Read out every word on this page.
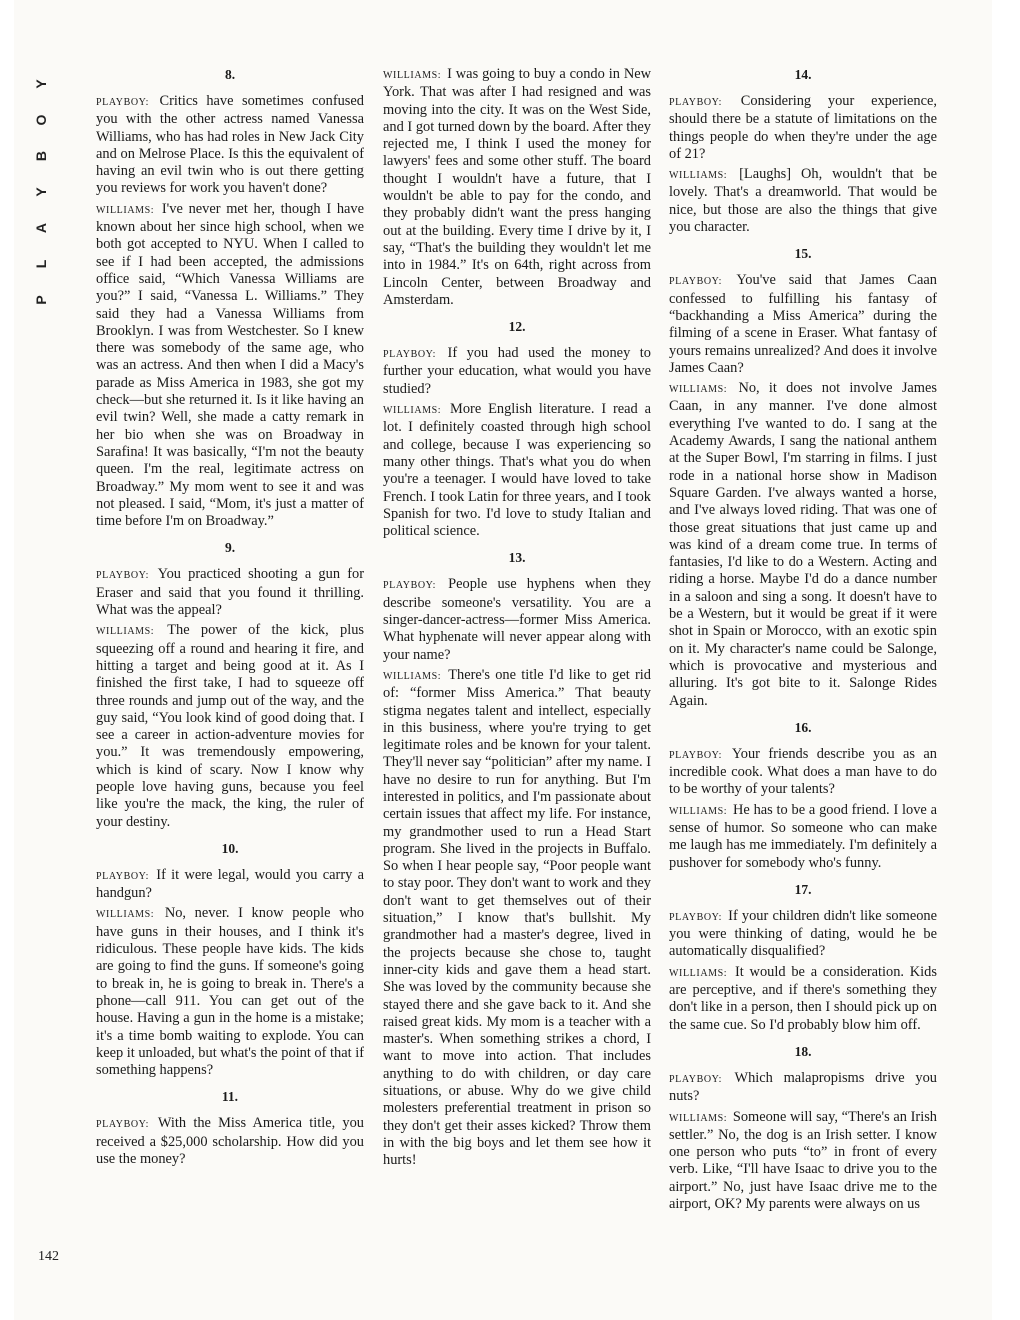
Y
O
B
Y
A
L
P
142
8.

PLAYBOY: Critics have sometimes confused you with the other actress named Vanessa Williams, who has had roles in New Jack City and on Melrose Place. Is this the equivalent of having an evil twin who is out there getting you reviews for work you haven't done?

WILLIAMS: I've never met her, though I have known about her since high school, when we both got accepted to NYU. When I called to see if I had been accepted, the admissions office said, “Which Vanessa Williams are you?” I said, “Vanessa L. Williams.” They said they had a Vanessa Williams from Brooklyn. I was from Westchester. So I knew there was somebody of the same age, who was an actress. And then when I did a Macy's parade as Miss America in 1983, she got my check—but she returned it. Is it like having an evil twin? Well, she made a catty remark in her bio when she was on Broadway in Sarafina! It was basically, “I'm not the beauty queen. I'm the real, legitimate actress on Broadway.” My mom went to see it and was not pleased. I said, “Mom, it's just a matter of time before I'm on Broadway.”

9.

PLAYBOY: You practiced shooting a gun for Eraser and said that you found it thrilling. What was the appeal?

WILLIAMS: The power of the kick, plus squeezing off a round and hearing it fire, and hitting a target and being good at it. As I finished the first take, I had to squeeze off three rounds and jump out of the way, and the guy said, “You look kind of good doing that. I see a career in action-adventure movies for you.” It was tremendously empowering, which is kind of scary. Now I know why people love having guns, because you feel like you're the mack, the king, the ruler of your destiny.

10.

PLAYBOY: If it were legal, would you carry a handgun?

WILLIAMS: No, never. I know people who have guns in their houses, and I think it's ridiculous. These people have kids. The kids are going to find the guns. If someone's going to break in, he is going to break in. There's a phone—call 911. You can get out of the house. Having a gun in the home is a mistake; it's a time bomb waiting to explode. You can keep it unloaded, but what's the point of that if something happens?

11.

PLAYBOY: With the Miss America title, you received a $25,000 scholarship. How did you use the money?

WILLIAMS: I was going to buy a condo in New York. That was after I had resigned and was moving into the city. It was on the West Side, and I got turned down by the board. After they rejected me, I think I used the money for lawyers' fees and some other stuff. The board thought I wouldn't have a future, that I wouldn't be able to pay for the condo, and they probably didn't want the press hanging out at the building. Every time I drive by it, I say, “That's the building they wouldn't let me into in 1984.” It's on 64th, right across from Lincoln Center, between Broadway and Amsterdam.

12.

PLAYBOY: If you had used the money to further your education, what would you have studied?

WILLIAMS: More English literature. I read a lot. I definitely coasted through high school and college, because I was experiencing so many other things. That's what you do when you're a teenager. I would have loved to take French. I took Latin for three years, and I took Spanish for two. I'd love to study Italian and political science.

13.

PLAYBOY: People use hyphens when they describe someone's versatility. You are a singer-dancer-actress—former Miss America. What hyphenate will never appear along with your name?

WILLIAMS: There's one title I'd like to get rid of: “former Miss America.” That beauty stigma negates talent and intellect, especially in this business, where you're trying to get legitimate roles and be known for your talent. They'll never say “politician” after my name. I have no desire to run for anything. But I'm interested in politics, and I'm passionate about certain issues that affect my life. For instance, my grandmother used to run a Head Start program. She lived in the projects in Buffalo. So when I hear people say, “Poor people want to stay poor. They don't want to work and they don't want to get themselves out of their situation,” I know that's bullshit. My grandmother had a master's degree, lived in the projects because she chose to, taught inner-city kids and gave them a head start. She was loved by the community because she stayed there and she gave back to it. And she raised great kids. My mom is a teacher with a master's. When something strikes a chord, I want to move into action. That includes anything to do with children, or day care situations, or abuse. Why do we give child molesters preferential treatment in prison so they don't get their asses kicked? Throw them in with the big boys and let them see how it hurts!

14.

PLAYBOY: Considering your experience, should there be a statute of limitations on the things people do when they're under the age of 21?

WILLIAMS: [Laughs] Oh, wouldn't that be lovely. That's a dreamworld. That would be nice, but those are also the things that give you character.

15.

PLAYBOY: You've said that James Caan confessed to fulfilling his fantasy of “backhanding a Miss America” during the filming of a scene in Eraser. What fantasy of yours remains unrealized? And does it involve James Caan?

WILLIAMS: No, it does not involve James Caan, in any manner. I've done almost everything I've wanted to do. I sang at the Academy Awards, I sang the national anthem at the Super Bowl, I'm starring in films. I just rode in a national horse show in Madison Square Garden. I've always wanted a horse, and I've always loved riding. That was one of those great situations that just came up and was kind of a dream come true. In terms of fantasies, I'd like to do a Western. Acting and riding a horse. Maybe I'd do a dance number in a saloon and sing a song. It doesn't have to be a Western, but it would be great if it were shot in Spain or Morocco, with an exotic spin on it. My character's name could be Salonge, which is provocative and mysterious and alluring. It's got bite to it. Salonge Rides Again.

16.

PLAYBOY: Your friends describe you as an incredible cook. What does a man have to do to be worthy of your talents?

WILLIAMS: He has to be a good friend. I love a sense of humor. So someone who can make me laugh has me immediately. I'm definitely a pushover for somebody who's funny.

17.

PLAYBOY: If your children didn't like someone you were thinking of dating, would he be automatically disqualified?

WILLIAMS: It would be a consideration. Kids are perceptive, and if there's something they don't like in a person, then I should pick up on the same cue. So I'd probably blow him off.

18.

PLAYBOY: Which malapropisms drive you nuts?

WILLIAMS: Someone will say, “There's an Irish settler.” No, the dog is an Irish setter. I know one person who puts “to” in front of every verb. Like, “I'll have Isaac to drive you to the airport.” No, just have Isaac drive me to the airport, OK? My parents were always on us
